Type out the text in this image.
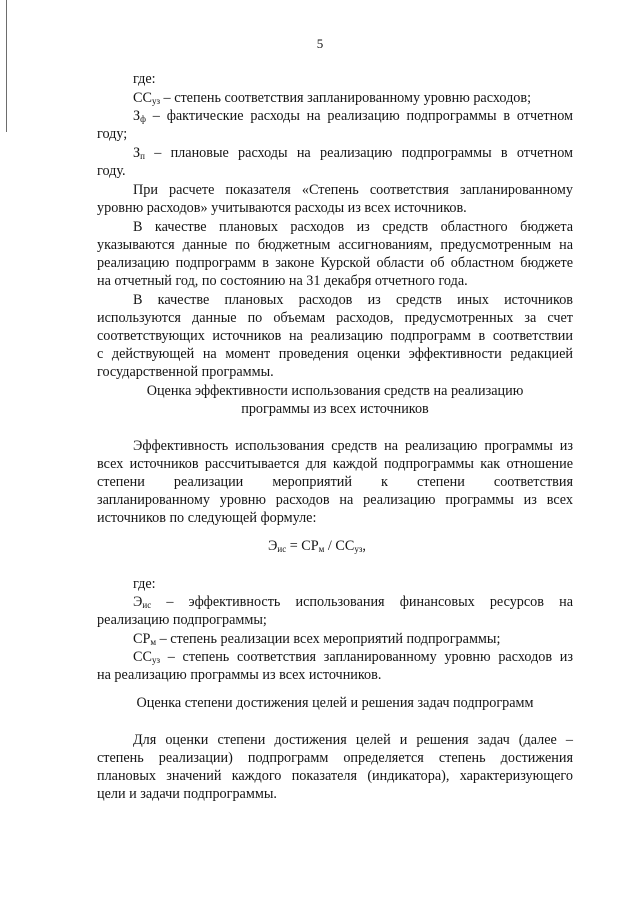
5
где:
$СС_{уз}$ – степень соответствия запланированному уровню расходов;
$З_ф$ – фактические расходы на реализацию подпрограммы в отчетном
году;
$З_п$ – плановые расходы на реализацию подпрограммы в отчетном
году.
При расчете показателя «Степень соответствия запланированному
уровню расходов» учитываются расходы из всех источников.
В качестве плановых расходов из средств областного бюджета
указываются данные по бюджетным ассигнованиям, предусмотренным на
реализацию подпрограмм в законе Курской области об областном бюджете
на отчетный год, по состоянию на 31 декабря отчетного года.
В качестве плановых расходов из средств иных источников
используются данные по объемам расходов, предусмотренных за счет
соответствующих источников на реализацию подпрограмм в соответствии
с действующей на момент проведения оценки эффективности редакцией
государственной программы.
Оценка эффективности использования средств на реализацию
программы из всех источников
Эффективность использования средств на реализацию программы из
всех источников рассчитывается для каждой подпрограммы как отношение
степени реализации мероприятий к степени соответствия
запланированному уровню расходов на реализацию программы из всех
источников по следующей формуле:
$Э_{ис} = СР_м / СС_{уз}$,
где:
$Э_{ис}$ – эффективность использования финансовых ресурсов на
реализацию подпрограммы;
$СР_м$ – степень реализации всех мероприятий подпрограммы;
$СС_{уз}$ – степень соответствия запланированному уровню расходов из
на реализацию программы из всех источников.
Оценка степени достижения целей и решения задач подпрограмм
Для оценки степени достижения целей и решения задач (далее –
степень реализации) подпрограмм определяется степень достижения
плановых значений каждого показателя (индикатора), характеризующего
цели и задачи подпрограммы.
